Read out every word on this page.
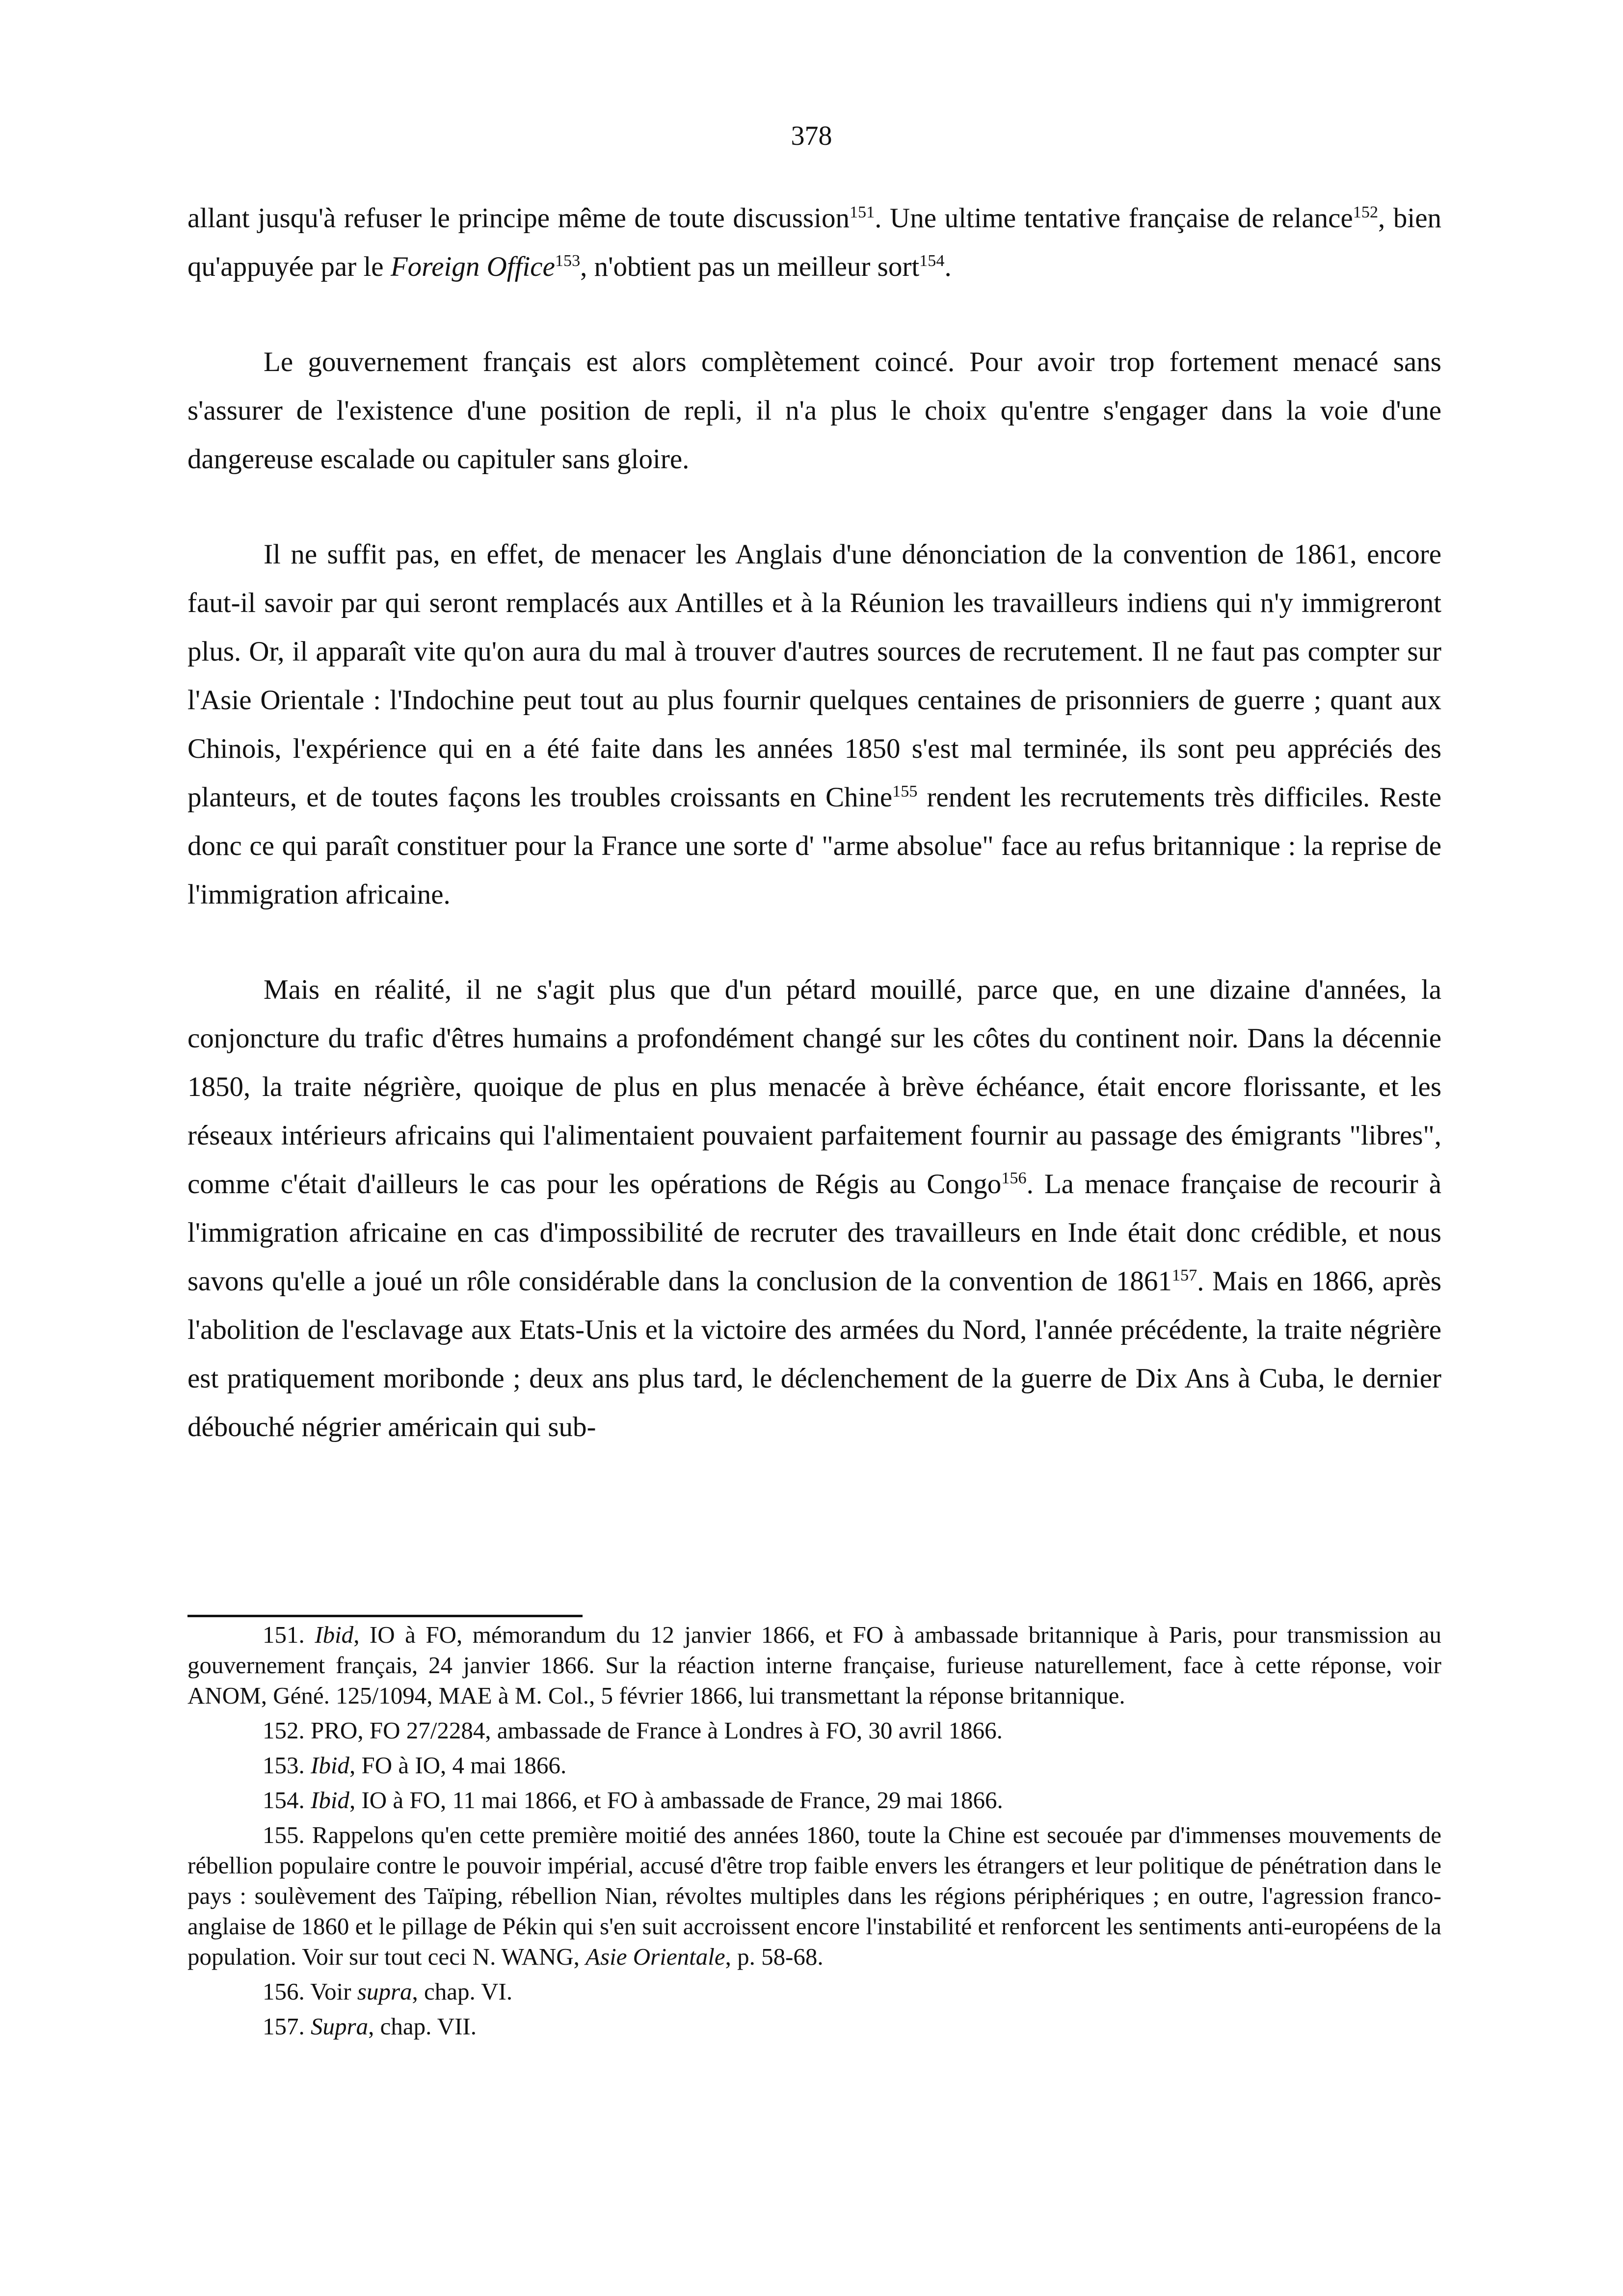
378

allant jusqu'à refuser le principe même de toute discussion$^{151}$. Une ultime tentative française de relance$^{152}$, bien qu'appuyée par le Foreign Office$^{153}$, n'obtient pas un meilleur sort$^{154}$.

Le gouvernement français est alors complètement coincé. Pour avoir trop fortement menacé sans s'assurer de l'existence d'une position de repli, il n'a plus le choix qu'entre s'engager dans la voie d'une dangereuse escalade ou capituler sans gloire.

Il ne suffit pas, en effet, de menacer les Anglais d'une dénonciation de la convention de 1861, encore faut-il savoir par qui seront remplacés aux Antilles et à la Réunion les travailleurs indiens qui n'y immigreront plus. Or, il apparaît vite qu'on aura du mal à trouver d'autres sources de recrutement. Il ne faut pas compter sur l'Asie Orientale : l'Indochine peut tout au plus fournir quelques centaines de prisonniers de guerre ; quant aux Chinois, l'expérience qui en a été faite dans les années 1850 s'est mal terminée, ils sont peu appréciés des planteurs, et de toutes façons les troubles croissants en Chine$^{155}$ rendent les recrutements très difficiles. Reste donc ce qui paraît constituer pour la France une sorte d' "arme absolue" face au refus britannique : la reprise de l'immigration africaine.

Mais en réalité, il ne s'agit plus que d'un pétard mouillé, parce que, en une dizaine d'années, la conjoncture du trafic d'êtres humains a profondément changé sur les côtes du continent noir. Dans la décennie 1850, la traite négrière, quoique de plus en plus menacée à brève échéance, était encore florissante, et les réseaux intérieurs africains qui l'alimentaient pouvaient parfaitement fournir au passage des émigrants "libres", comme c'était d'ailleurs le cas pour les opérations de Régis au Congo$^{156}$. La menace française de recourir à l'immigration africaine en cas d'impossibilité de recruter des travailleurs en Inde était donc crédible, et nous savons qu'elle a joué un rôle considérable dans la conclusion de la convention de 1861$^{157}$. Mais en 1866, après l'abolition de l'esclavage aux Etats-Unis et la victoire des armées du Nord, l'année précédente, la traite négrière est pratiquement moribonde ; deux ans plus tard, le déclenchement de la guerre de Dix Ans à Cuba, le dernier débouché négrier américain qui sub-

151. Ibid, IO à FO, mémorandum du 12 janvier 1866, et FO à ambassade britannique à Paris, pour transmission au gouvernement français, 24 janvier 1866. Sur la réaction interne française, furieuse naturellement, face à cette réponse, voir ANOM, Géné. 125/1094, MAE à M. Col., 5 février 1866, lui transmettant la réponse britannique.

152. PRO, FO 27/2284, ambassade de France à Londres à FO, 30 avril 1866.

153. Ibid, FO à IO, 4 mai 1866.

154. Ibid, IO à FO, 11 mai 1866, et FO à ambassade de France, 29 mai 1866.

155. Rappelons qu'en cette première moitié des années 1860, toute la Chine est secouée par d'immenses mouvements de rébellion populaire contre le pouvoir impérial, accusé d'être trop faible envers les étrangers et leur politique de pénétration dans le pays : soulèvement des Taïping, rébellion Nian, révoltes multiples dans les régions périphériques ; en outre, l'agression franco-anglaise de 1860 et le pillage de Pékin qui s'en suit accroissent encore l'instabilité et renforcent les sentiments anti-européens de la population. Voir sur tout ceci N. WANG, Asie Orientale, p. 58-68.

156. Voir supra, chap. VI.

157. Supra, chap. VII.
